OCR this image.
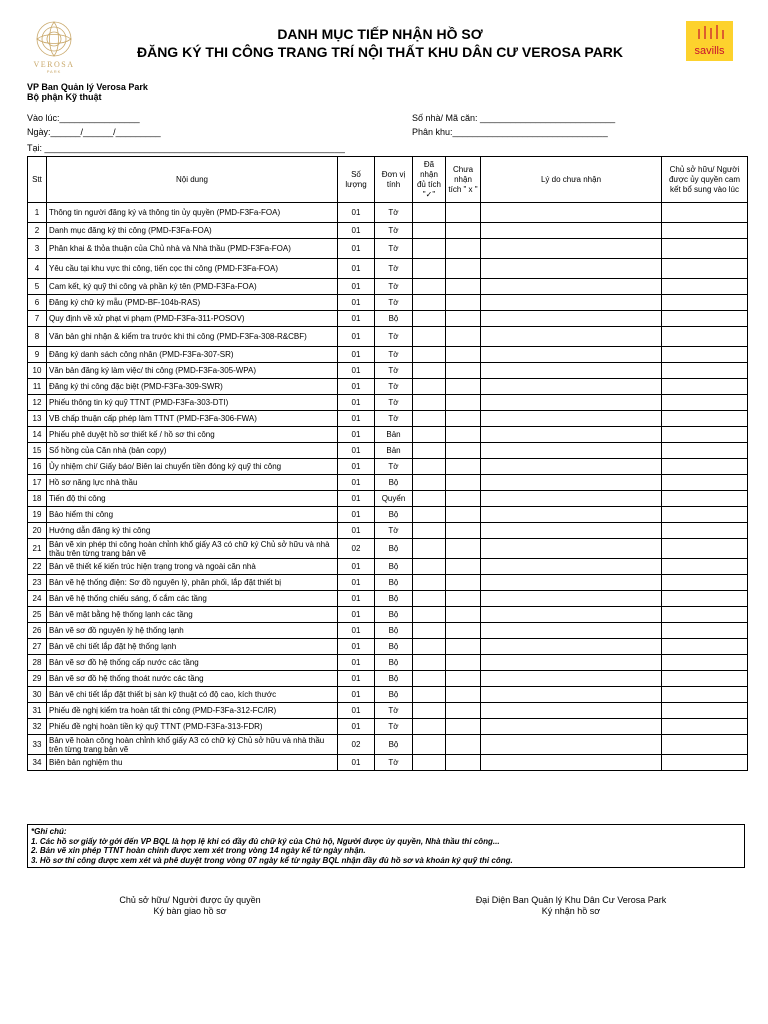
VEROSA
PARK
savills
DANH MỤC TIẾP NHẬN HỒ SƠ
ĐĂNG KÝ THI CÔNG TRANG TRÍ NỘI THẤT KHU DÂN CƯ VEROSA PARK
VP Ban Quản lý Verosa Park
Bộ phận Kỹ thuật
Vào lúc:________________
Ngày:______/______/_________
Tại: ____________________________________________________________
Số nhà/ Mã căn: ___________________________
Phân khu:_______________________________
Stt	Nội dung	Số lượng	Đơn vị tính	Đã nhận đủ tích "✓"	Chưa nhận tích " x "	Lý do chưa nhận	Chủ sở hữu/ Người được ủy quyền cam kết bổ sung vào lúc
1	Thông tin người đăng ký và thông tin ủy quyền (PMD-F3Fa-FOA)	01	Tờ				
2	Danh mục đăng ký thi công (PMD-F3Fa-FOA)	01	Tờ				
3	Phân khai & thỏa thuận của Chủ nhà và Nhà thầu (PMD-F3Fa-FOA)	01	Tờ				
4	Yêu cầu tại khu vực thi công, tiến cọc thi công (PMD-F3Fa-FOA)	01	Tờ				
5	Cam kết, ký quỹ thi công và phần ký tên (PMD-F3Fa-FOA)	01	Tờ				
6	Đăng ký chữ ký mẫu (PMD-BF-104b-RAS)	01	Tờ				
7	Quy định về xử phạt vi phạm (PMD-F3Fa-311-POSOV)	01	Bộ				
8	Văn bản ghi nhận & kiểm tra trước khi thi công (PMD-F3Fa-308-R&CBF)	01	Tờ				
9	Đăng ký danh sách công nhân (PMD-F3Fa-307-SR)	01	Tờ				
10	Văn bản đăng ký làm việc/ thi công (PMD-F3Fa-305-WPA)	01	Tờ				
11	Đăng ký thi công đặc biệt (PMD-F3Fa-309-SWR)	01	Tờ				
12	Phiếu thông tin ký quỹ TTNT (PMD-F3Fa-303-DTI)	01	Tờ				
13	VB chấp thuận cấp phép làm TTNT (PMD-F3Fa-306-FWA)	01	Tờ				
14	Phiếu phê duyệt hồ sơ thiết kế / hồ sơ thi công	01	Bản				
15	Sổ hồng của Căn nhà (bản copy)	01	Bản				
16	Ủy nhiệm chi/ Giấy báo/ Biên lai chuyển tiền đóng ký quỹ thi công	01	Tờ				
17	Hồ sơ năng lực nhà thầu	01	Bộ				
18	Tiến độ thi công	01	Quyển				
19	Bảo hiểm thi công	01	Bộ				
20	Hướng dẫn đăng ký thi công	01	Tờ				
21	Bản vẽ xin phép thi công hoàn chỉnh khổ giấy A3 có chữ ký Chủ sở hữu và nhà thầu trên từng trang bản vẽ	02	Bộ				
22	Bản vẽ thiết kế kiến trúc hiện trạng trong và ngoài căn nhà	01	Bộ				
23	Bản vẽ hệ thống điện: Sơ đồ nguyên lý, phân phối, lắp đặt thiết bị	01	Bộ				
24	Bản vẽ hệ thống chiếu sáng, ổ cắm các tầng	01	Bộ				
25	Bản vẽ mặt bằng hệ thống lạnh các tầng	01	Bộ				
26	Bản vẽ sơ đồ nguyên lý hệ thống lạnh	01	Bộ				
27	Bản vẽ chi tiết lắp đặt hệ thống lạnh	01	Bộ				
28	Bản vẽ sơ đồ hệ thống cấp nước các tầng	01	Bộ				
29	Bản vẽ sơ đồ hệ thống thoát nước các tầng	01	Bộ				
30	Bản vẽ chi tiết lắp đặt thiết bị sàn kỹ thuật có độ cao, kích thước	01	Bộ				
31	Phiếu đề nghị kiểm tra hoàn tất thi công (PMD-F3Fa-312-FC/IR)	01	Tờ				
32	Phiếu đề nghị hoàn tiền ký quỹ TTNT (PMD-F3Fa-313-FDR)	01	Tờ				
33	Bản vẽ hoàn công hoàn chỉnh khổ giấy A3 có chữ ký Chủ sở hữu và nhà thầu trên từng trang bản vẽ	02	Bộ				
34	Biên bản nghiệm thu	01	Tờ				
*Ghi chú:
1. Các hồ sơ giấy tờ gởi đến VP BQL là hợp lệ khi có đầy đủ chữ ký của Chủ hộ, Người được ủy quyền, Nhà thầu thi công...
2. Bản vẽ xin phép TTNT hoàn chỉnh được xem xét trong vòng 14 ngày kể từ ngày nhận.
3. Hồ sơ thi công được xem xét và phê duyệt trong vòng 07 ngày kể từ ngày BQL nhận đầy đủ hồ sơ và khoản ký quỹ thi công.
Chủ sở hữu/ Người được ủy quyền
Ký bàn giao hồ sơ
Đại Diện Ban Quản lý Khu Dân Cư Verosa Park
Ký nhận hồ sơ
